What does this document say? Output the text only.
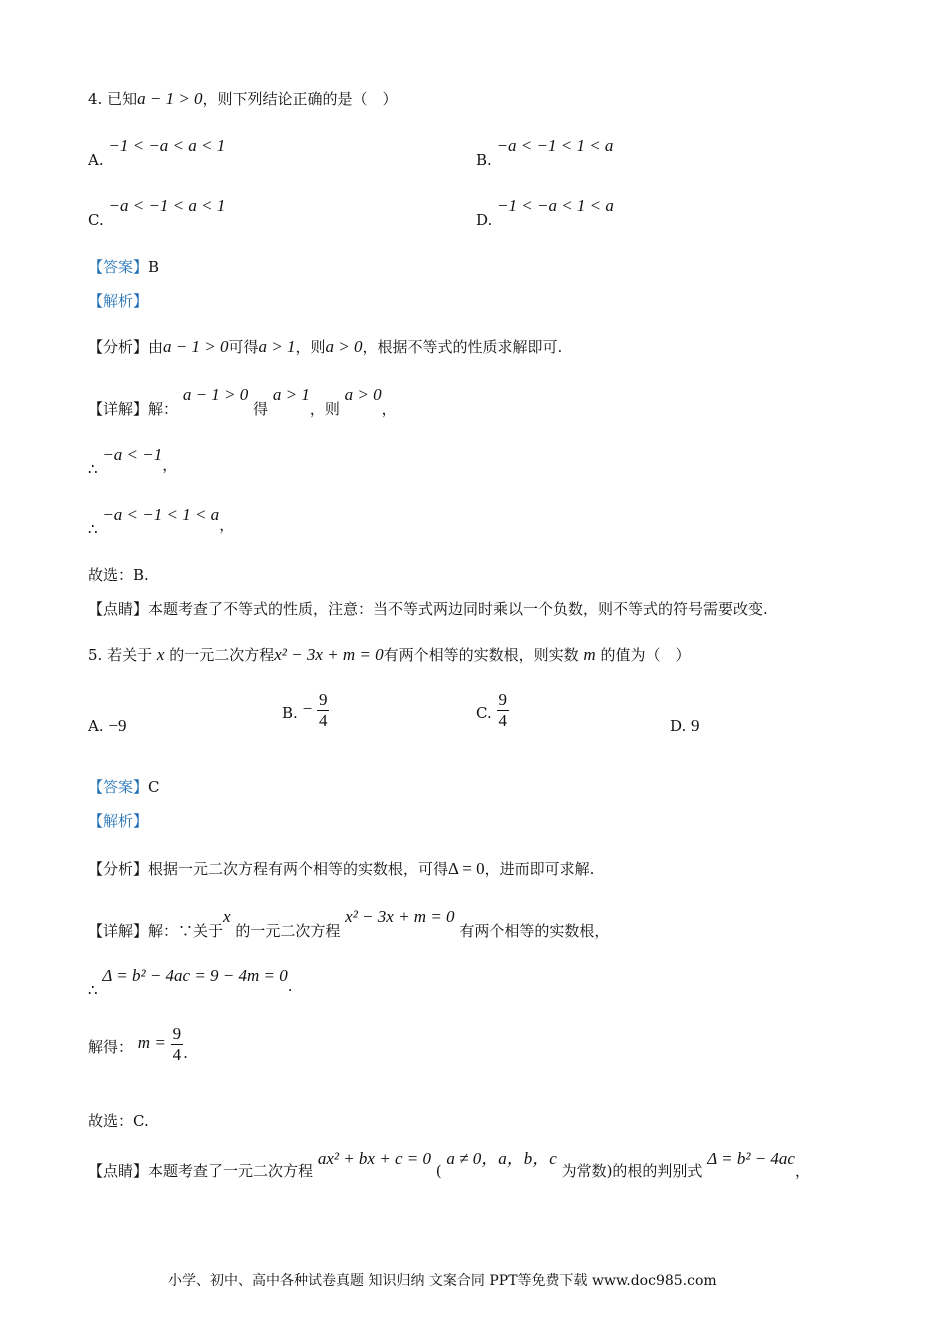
4. 已知a − 1 > 0，则下列结论正确的是（　）
A. −1 < −a < a < 1
B. −a < −1 < 1 < a
C. −a < −1 < a < 1
D. −1 < −a < 1 < a
【答案】B
【解析】
【分析】由a − 1 > 0可得a > 1，则a > 0，根据不等式的性质求解即可.
【详解】解： a − 1 > 0 得 a > 1，则 a > 0，
∴ −a < −1，
∴ −a < −1 < 1 < a，
故选：B.
【点睛】本题考查了不等式的性质，注意：当不等式两边同时乘以一个负数，则不等式的符号需要改变.
5. 若关于 x 的一元二次方程x² − 3x + m = 0有两个相等的实数根，则实数 m 的值为（　）
A. −9
B. − $\frac{9}{4}$	C. $\frac{9}{4}$	D. 9
【答案】C
【解析】
【分析】根据一元二次方程有两个相等的实数根，可得Δ = 0，进而即可求解.
【详解】解：∵关于x 的一元二次方程 x² − 3x + m = 0 有两个相等的实数根，
∴ Δ = b² − 4ac = 9 − 4m = 0.
解得： $m = \frac{9}{4}$ .
故选：C.
【点睛】本题考查了一元二次方程 ax² + bx + c = 0 ( a ≠ 0，a，b，c 为常数)的根的判别式 Δ = b² − 4ac，
小学、初中、高中各种试卷真题 知识归纳 文案合同 PPT等免费下载 www.doc985.com
